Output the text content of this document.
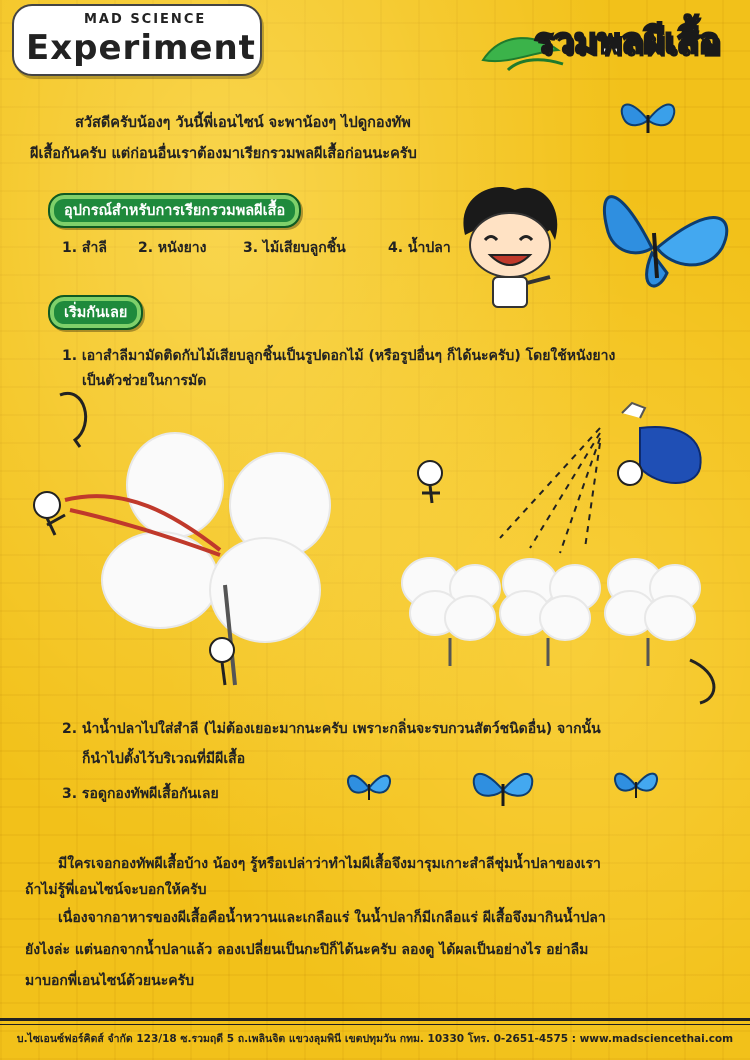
MAD SCIENCE
Experiment	รวมพลผีเสื้อ
สวัสดีครับน้องๆ วันนี้พี่เอนไซน์ จะพาน้องๆ ไปดูกองทัพ
ผีเสื้อกันครับ แต่ก่อนอื่นเราต้องมาเรียกรวมพลผีเสื้อก่อนนะครับ
อุปกรณ์สำหรับการเรียกรวมพลผีเสื้อ
1. สำลี 2. หนังยาง	3. ไม้เสียบลูกชิ้น	4. น้ำปลา
เริ่มกันเลย
1. เอาสำลีมามัดติดกับไม้เสียบลูกชิ้นเป็นรูปดอกไม้ (หรือรูปอื่นๆ ก็ได้นะครับ) โดยใช้หนังยาง
เป็นตัวช่วยในการมัด
2. นำน้ำปลาไปใส่สำลี (ไม่ต้องเยอะมากนะครับ เพราะกลิ่นจะรบกวนสัตว์ชนิดอื่น) จากนั้น
ก็นำไปตั้งไว้บริเวณที่มีผีเสื้อ
3. รอดูกองทัพผีเสื้อกันเลย
มีใครเจอกองทัพผีเสื้อบ้าง น้องๆ รู้หรือเปล่าว่าทำไมผีเสื้อจึงมารุมเกาะสำลีชุ่มน้ำปลาของเรา
ถ้าไม่รู้พี่เอนไซน์จะบอกให้ครับ
เนื่องจากอาหารของผีเสื้อคือน้ำหวานและเกลือแร่ ในน้ำปลาก็มีเกลือแร่ ผีเสื้อจึงมากินน้ำปลา
ยังไงล่ะ แต่นอกจากน้ำปลาแล้ว ลองเปลี่ยนเป็นกะปิก็ได้นะครับ ลองดู ได้ผลเป็นอย่างไร อย่าลืม
มาบอกพี่เอนไซน์ด้วยนะครับ
บ.ไซเอนซ์ฟอร์คิดส์ จำกัด 123/18 ซ.รวมฤดี 5 ถ.เพลินจิต แขวงลุมพินี เขตปทุมวัน กทม. 10330 โทร. 0-2651-4575 : www.madsciencethai.com
